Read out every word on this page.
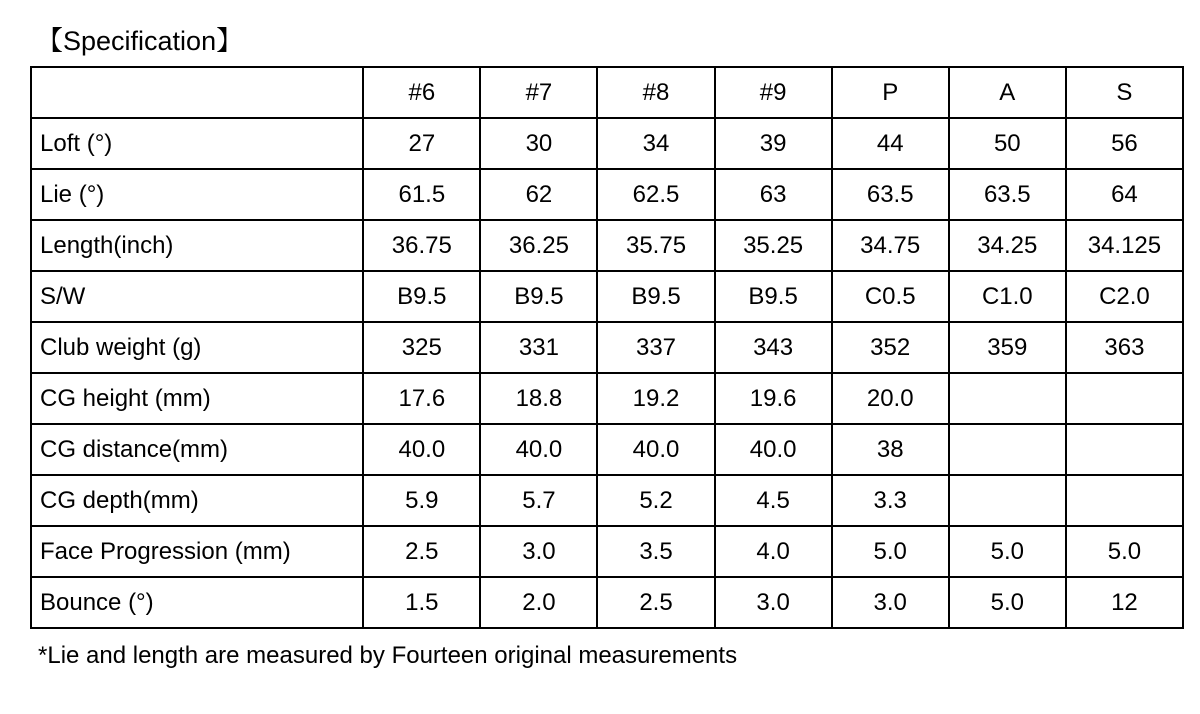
【Specification】
	#6	#7	#8	#9	P	A	S
Loft (°)	27	30	34	39	44	50	56
Lie (°)	61.5	62	62.5	63	63.5	63.5	64
Length(inch)	36.75	36.25	35.75	35.25	34.75	34.25	34.125
S/W	B9.5	B9.5	B9.5	B9.5	C0.5	C1.0	C2.0
Club weight (g)	325	331	337	343	352	359	363
CG height (mm)	17.6	18.8	19.2	19.6	20.0		
CG distance(mm)	40.0	40.0	40.0	40.0	38		
CG depth(mm)	5.9	5.7	5.2	4.5	3.3		
Face Progression (mm)	2.5	3.0	3.5	4.0	5.0	5.0	5.0
Bounce (°)	1.5	2.0	2.5	3.0	3.0	5.0	12

*Lie and length are measured by Fourteen original measurements
